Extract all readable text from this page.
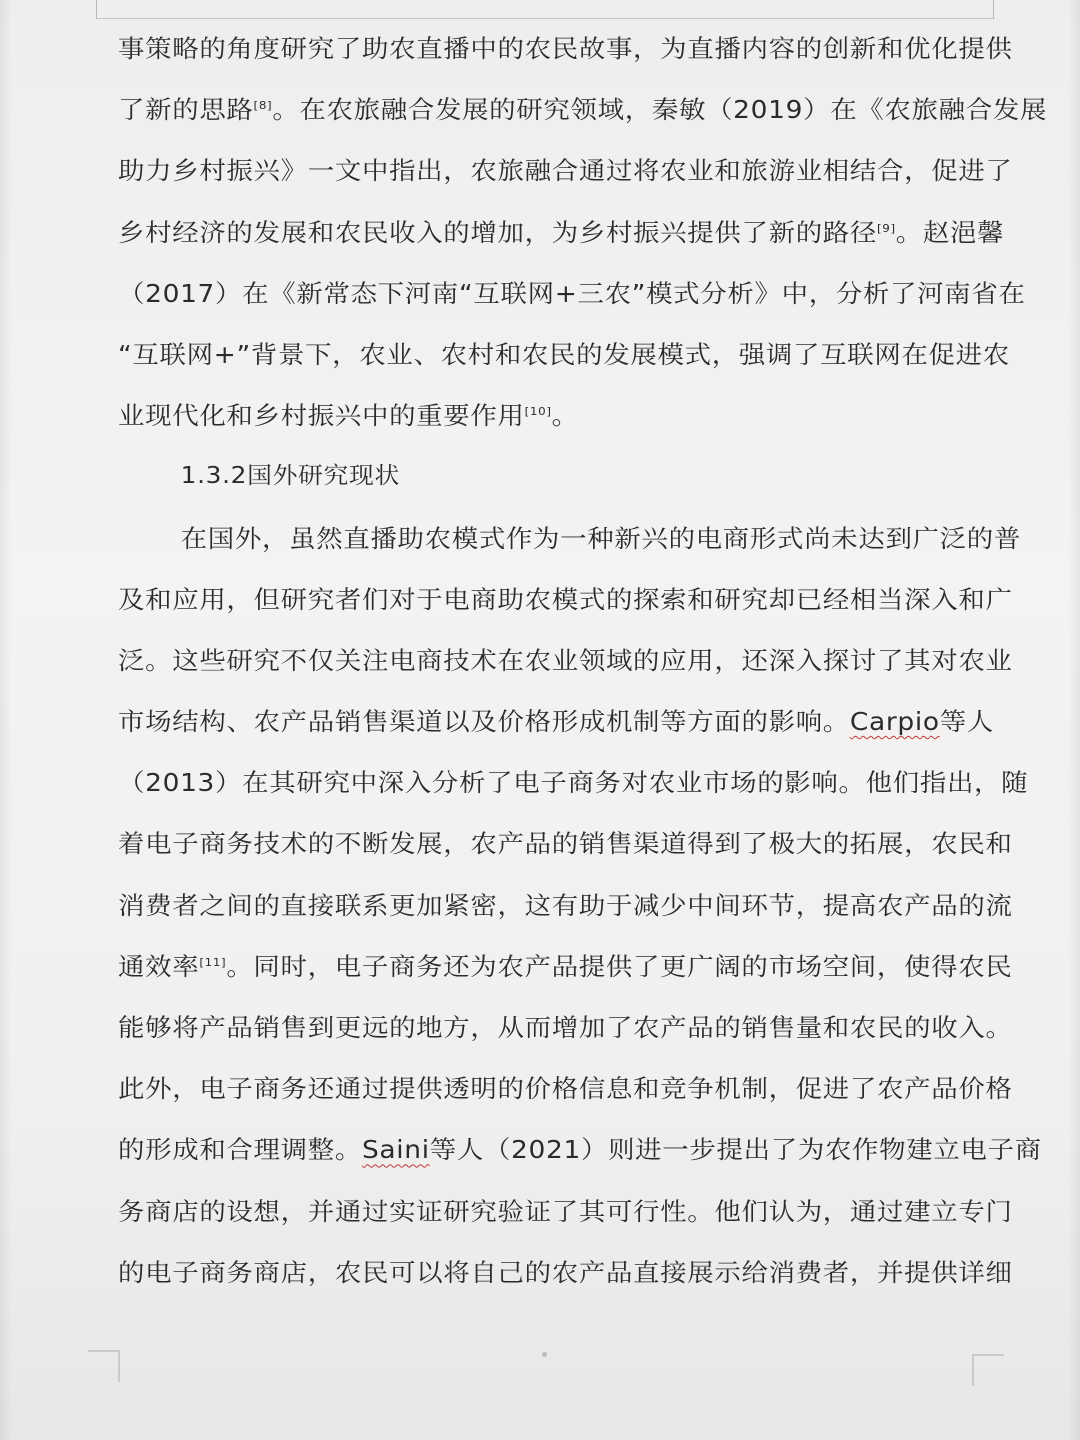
事策略的角度研究了助农直播中的农民故事，为直播内容的创新和优化提供
了新的思路[8]。在农旅融合发展的研究领域，秦敏（2019）在《农旅融合发展
助力乡村振兴》一文中指出，农旅融合通过将农业和旅游业相结合，促进了
乡村经济的发展和农民收入的增加，为乡村振兴提供了新的路径[9]。赵浥馨
（2017）在《新常态下河南“互联网+三农”模式分析》中，分析了河南省在
“互联网+”背景下，农业、农村和农民的发展模式，强调了互联网在促进农
业现代化和乡村振兴中的重要作用[10]。
1.3.2国外研究现状
在国外，虽然直播助农模式作为一种新兴的电商形式尚未达到广泛的普
及和应用，但研究者们对于电商助农模式的探索和研究却已经相当深入和广
泛。这些研究不仅关注电商技术在农业领域的应用，还深入探讨了其对农业
市场结构、农产品销售渠道以及价格形成机制等方面的影响。Carpio等人
（2013）在其研究中深入分析了电子商务对农业市场的影响。他们指出，随
着电子商务技术的不断发展，农产品的销售渠道得到了极大的拓展，农民和
消费者之间的直接联系更加紧密，这有助于减少中间环节，提高农产品的流
通效率[11]。同时，电子商务还为农产品提供了更广阔的市场空间，使得农民
能够将产品销售到更远的地方，从而增加了农产品的销售量和农民的收入。
此外，电子商务还通过提供透明的价格信息和竞争机制，促进了农产品价格
的形成和合理调整。Saini等人（2021）则进一步提出了为农作物建立电子商
务商店的设想，并通过实证研究验证了其可行性。他们认为，通过建立专门
的电子商务商店，农民可以将自己的农产品直接展示给消费者，并提供详细
